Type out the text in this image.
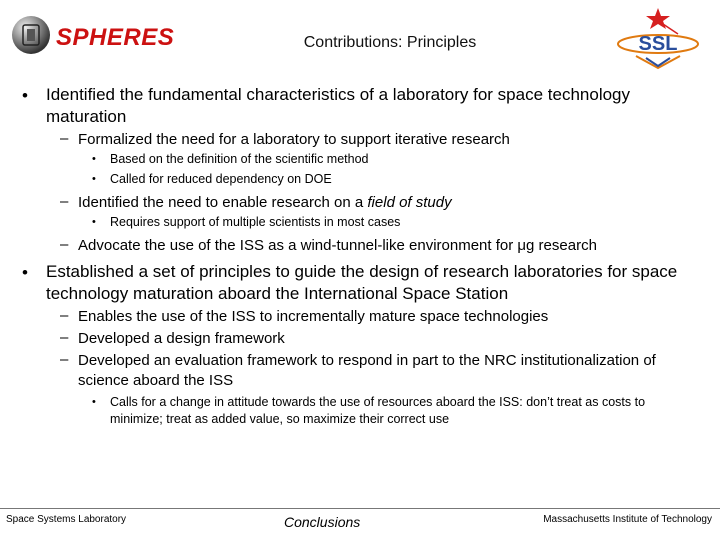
SPHERES	Contributions: Principles	SSL
• Identified the fundamental characteristics of a laboratory for space technology maturation
– Formalized the need for a laboratory to support iterative research
• Based on the definition of the scientific method
• Called for reduced dependency on DOE
– Identified the need to enable research on a field of study
• Requires support of multiple scientists in most cases
– Advocate the use of the ISS as a wind-tunnel-like environment for μg research
• Established a set of principles to guide the design of research laboratories for space technology maturation aboard the International Space Station
– Enables the use of the ISS to incrementally mature space technologies
– Developed a design framework
– Developed an evaluation framework to respond in part to the NRC institutionalization of science aboard the ISS
• Calls for a change in attitude towards the use of resources aboard the ISS: don’t treat as costs to minimize; treat as added value, so maximize their correct use
Space Systems Laboratory	Conclusions	Massachusetts Institute of Technology
